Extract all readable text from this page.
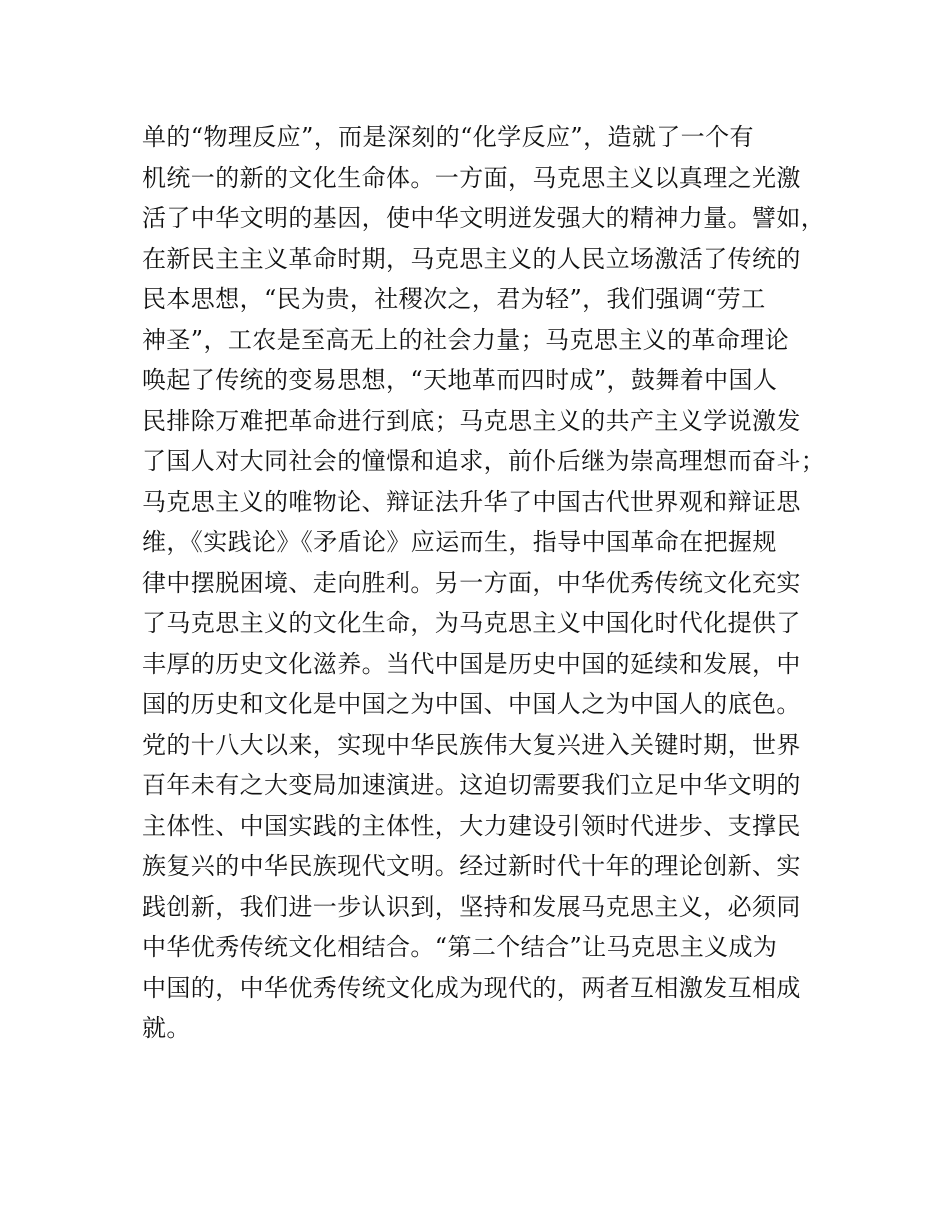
单的“物理反应”，而是深刻的“化学反应”，造就了一个有
机统一的新的文化生命体。一方面，马克思主义以真理之光激
活了中华文明的基因，使中华文明迸发强大的精神力量。譬如，
在新民主主义革命时期，马克思主义的人民立场激活了传统的
民本思想，“民为贵，社稷次之，君为轻”，我们强调“劳工
神圣”，工农是至高无上的社会力量；马克思主义的革命理论
唤起了传统的变易思想，“天地革而四时成”，鼓舞着中国人
民排除万难把革命进行到底；马克思主义的共产主义学说激发
了国人对大同社会的憧憬和追求，前仆后继为崇高理想而奋斗；
马克思主义的唯物论、辩证法升华了中国古代世界观和辩证思
维，《实践论》《矛盾论》应运而生，指导中国革命在把握规
律中摆脱困境、走向胜利。另一方面，中华优秀传统文化充实
了马克思主义的文化生命，为马克思主义中国化时代化提供了
丰厚的历史文化滋养。当代中国是历史中国的延续和发展，中
国的历史和文化是中国之为中国、中国人之为中国人的底色。
党的十八大以来，实现中华民族伟大复兴进入关键时期，世界
百年未有之大变局加速演进。这迫切需要我们立足中华文明的
主体性、中国实践的主体性，大力建设引领时代进步、支撑民
族复兴的中华民族现代文明。经过新时代十年的理论创新、实
践创新，我们进一步认识到，坚持和发展马克思主义，必须同
中华优秀传统文化相结合。“第二个结合”让马克思主义成为
中国的，中华优秀传统文化成为现代的，两者互相激发互相成
就。
